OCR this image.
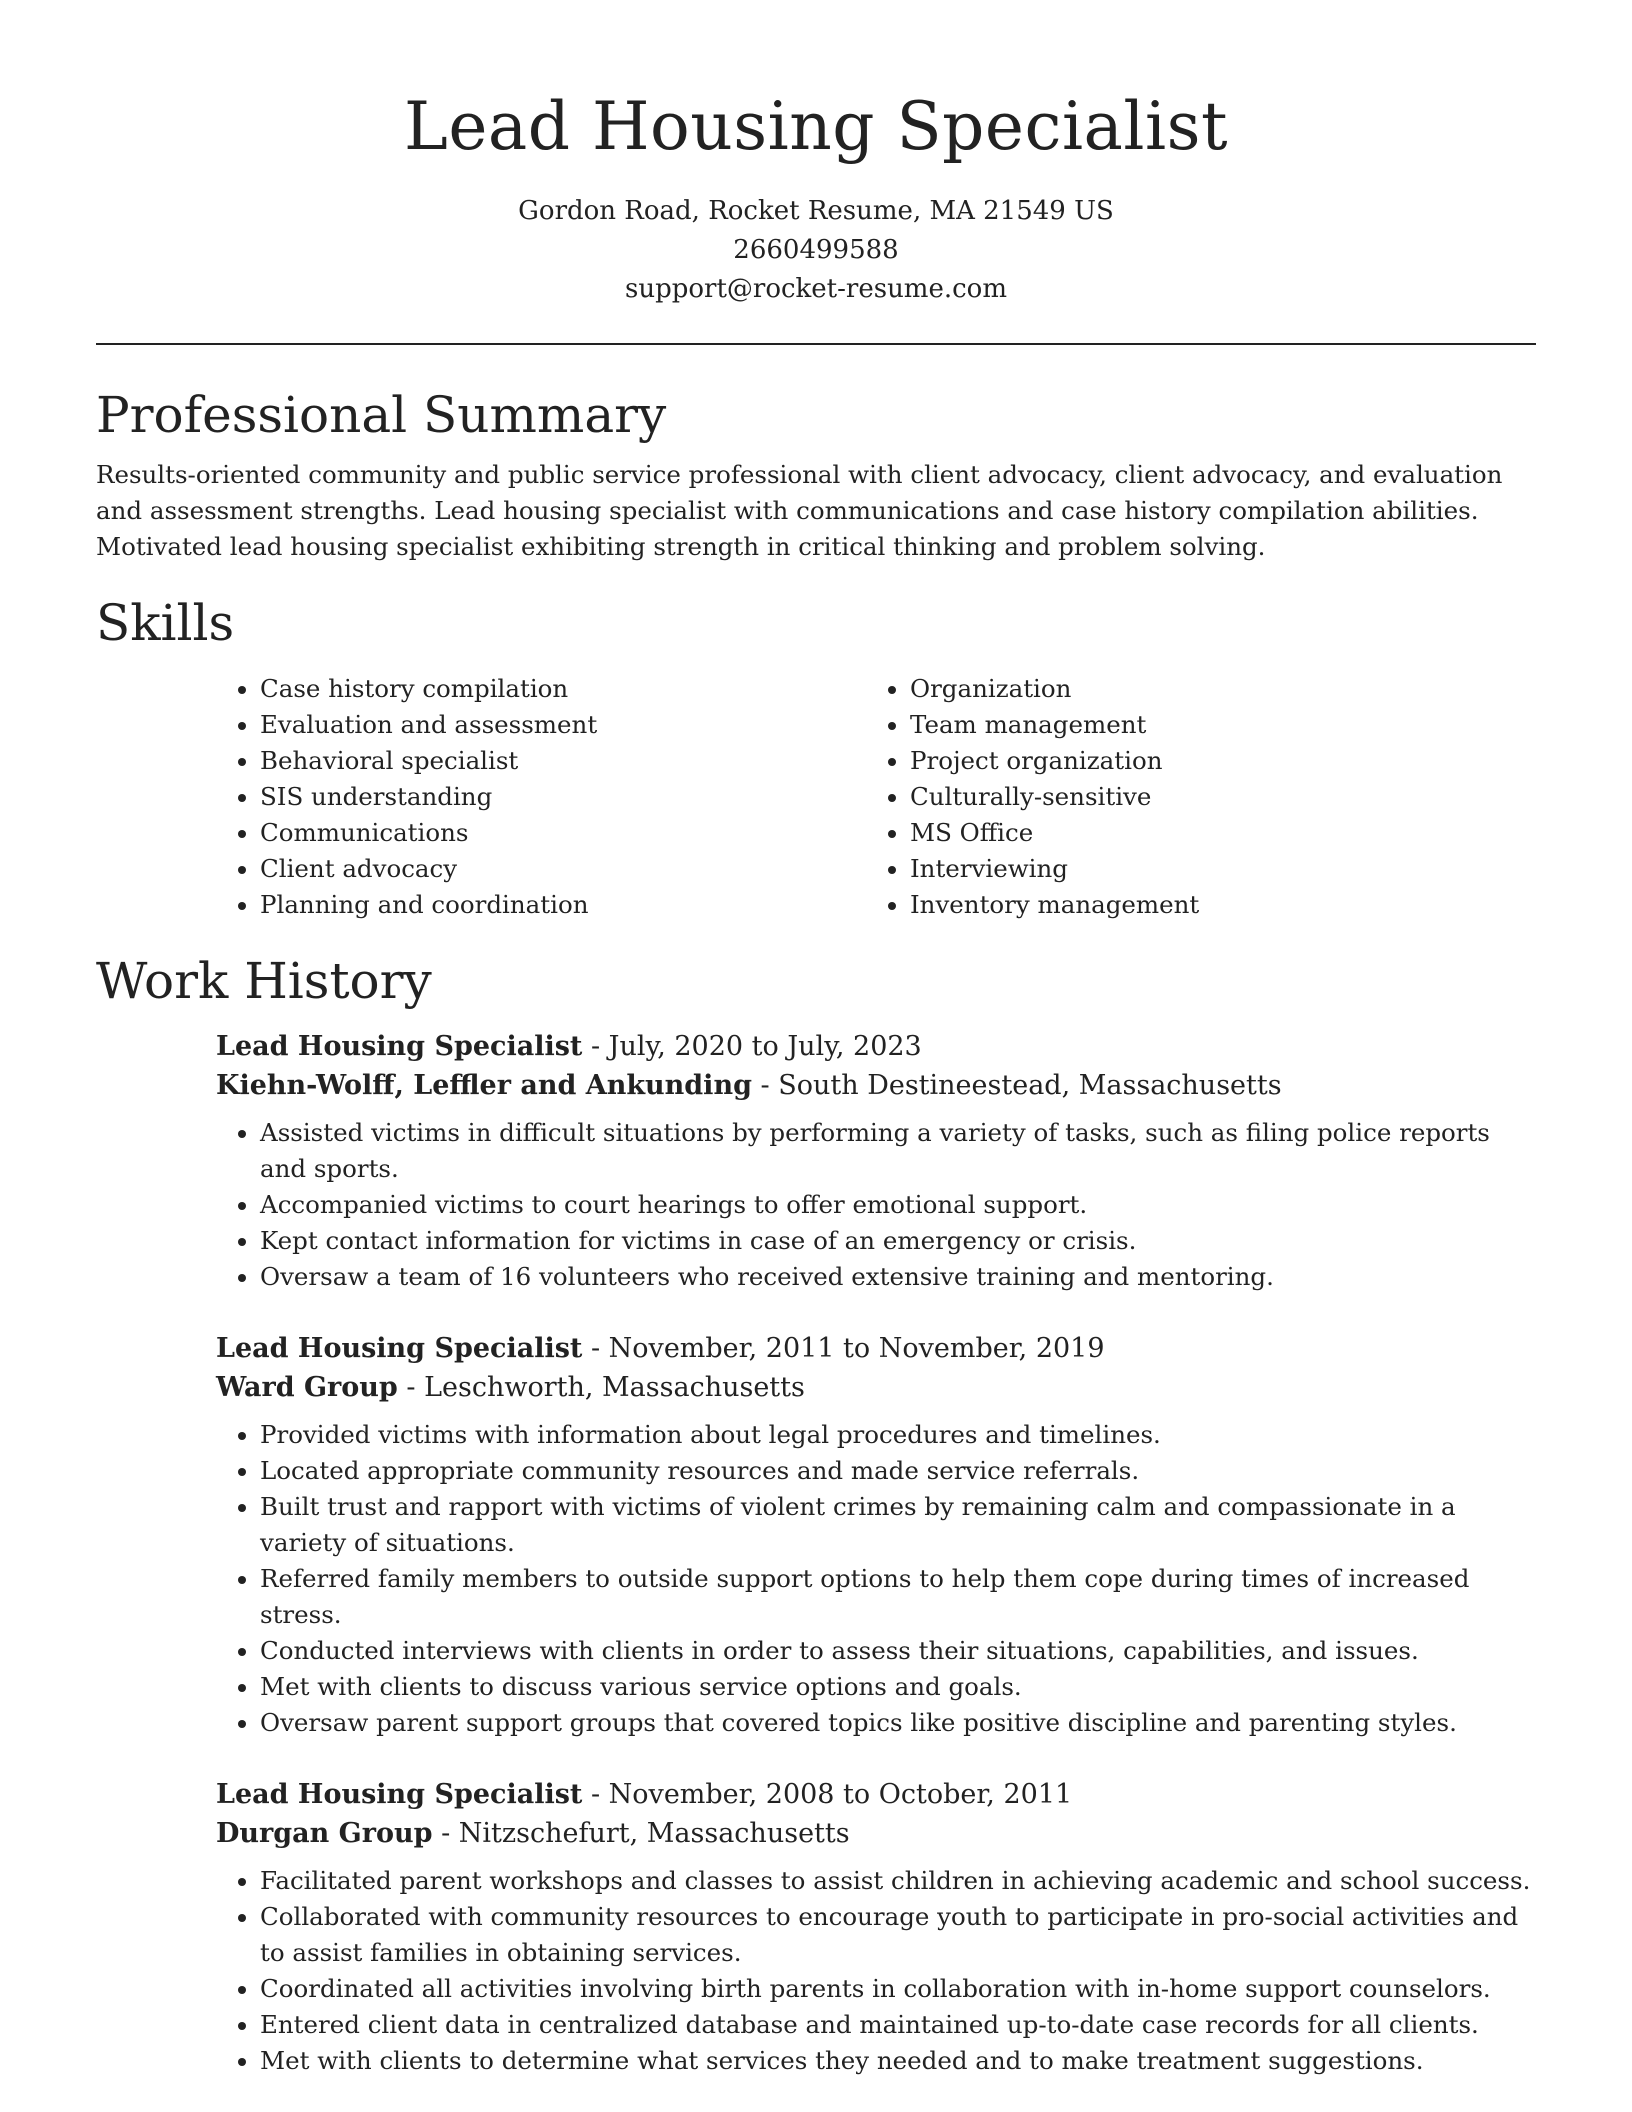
Lead Housing Specialist
Gordon Road, Rocket Resume, MA 21549 US
2660499588
support@rocket-resume.com
Professional Summary

Results-oriented community and public service professional with client advocacy, client advocacy, and evaluation and assessment strengths. Lead housing specialist with communications and case history compilation abilities. Motivated lead housing specialist exhibiting strength in critical thinking and problem solving.

Skills
• Case history compilation
• Evaluation and assessment
• Behavioral specialist
• SIS understanding
• Communications
• Client advocacy
• Planning and coordination
• Organization
• Team management
• Project organization
• Culturally-sensitive
• MS Office
• Interviewing
• Inventory management
Work History
Lead Housing Specialist - July, 2020 to July, 2023
Kiehn-Wolff, Leffler and Ankunding - South Destineestead, Massachusetts
• Assisted victims in difficult situations by performing a variety of tasks, such as filing police reports and sports.
• Accompanied victims to court hearings to offer emotional support.
• Kept contact information for victims in case of an emergency or crisis.
• Oversaw a team of 16 volunteers who received extensive training and mentoring.
Lead Housing Specialist - November, 2011 to November, 2019
Ward Group - Leschworth, Massachusetts
• Provided victims with information about legal procedures and timelines.
• Located appropriate community resources and made service referrals.
• Built trust and rapport with victims of violent crimes by remaining calm and compassionate in a variety of situations.
• Referred family members to outside support options to help them cope during times of increased stress.
• Conducted interviews with clients in order to assess their situations, capabilities, and issues.
• Met with clients to discuss various service options and goals.
• Oversaw parent support groups that covered topics like positive discipline and parenting styles.
Lead Housing Specialist - November, 2008 to October, 2011
Durgan Group - Nitzschefurt, Massachusetts
• Facilitated parent workshops and classes to assist children in achieving academic and school success.
• Collaborated with community resources to encourage youth to participate in pro-social activities and to assist families in obtaining services.
• Coordinated all activities involving birth parents in collaboration with in-home support counselors.
• Entered client data in centralized database and maintained up-to-date case records for all clients.
• Met with clients to determine what services they needed and to make treatment suggestions.
